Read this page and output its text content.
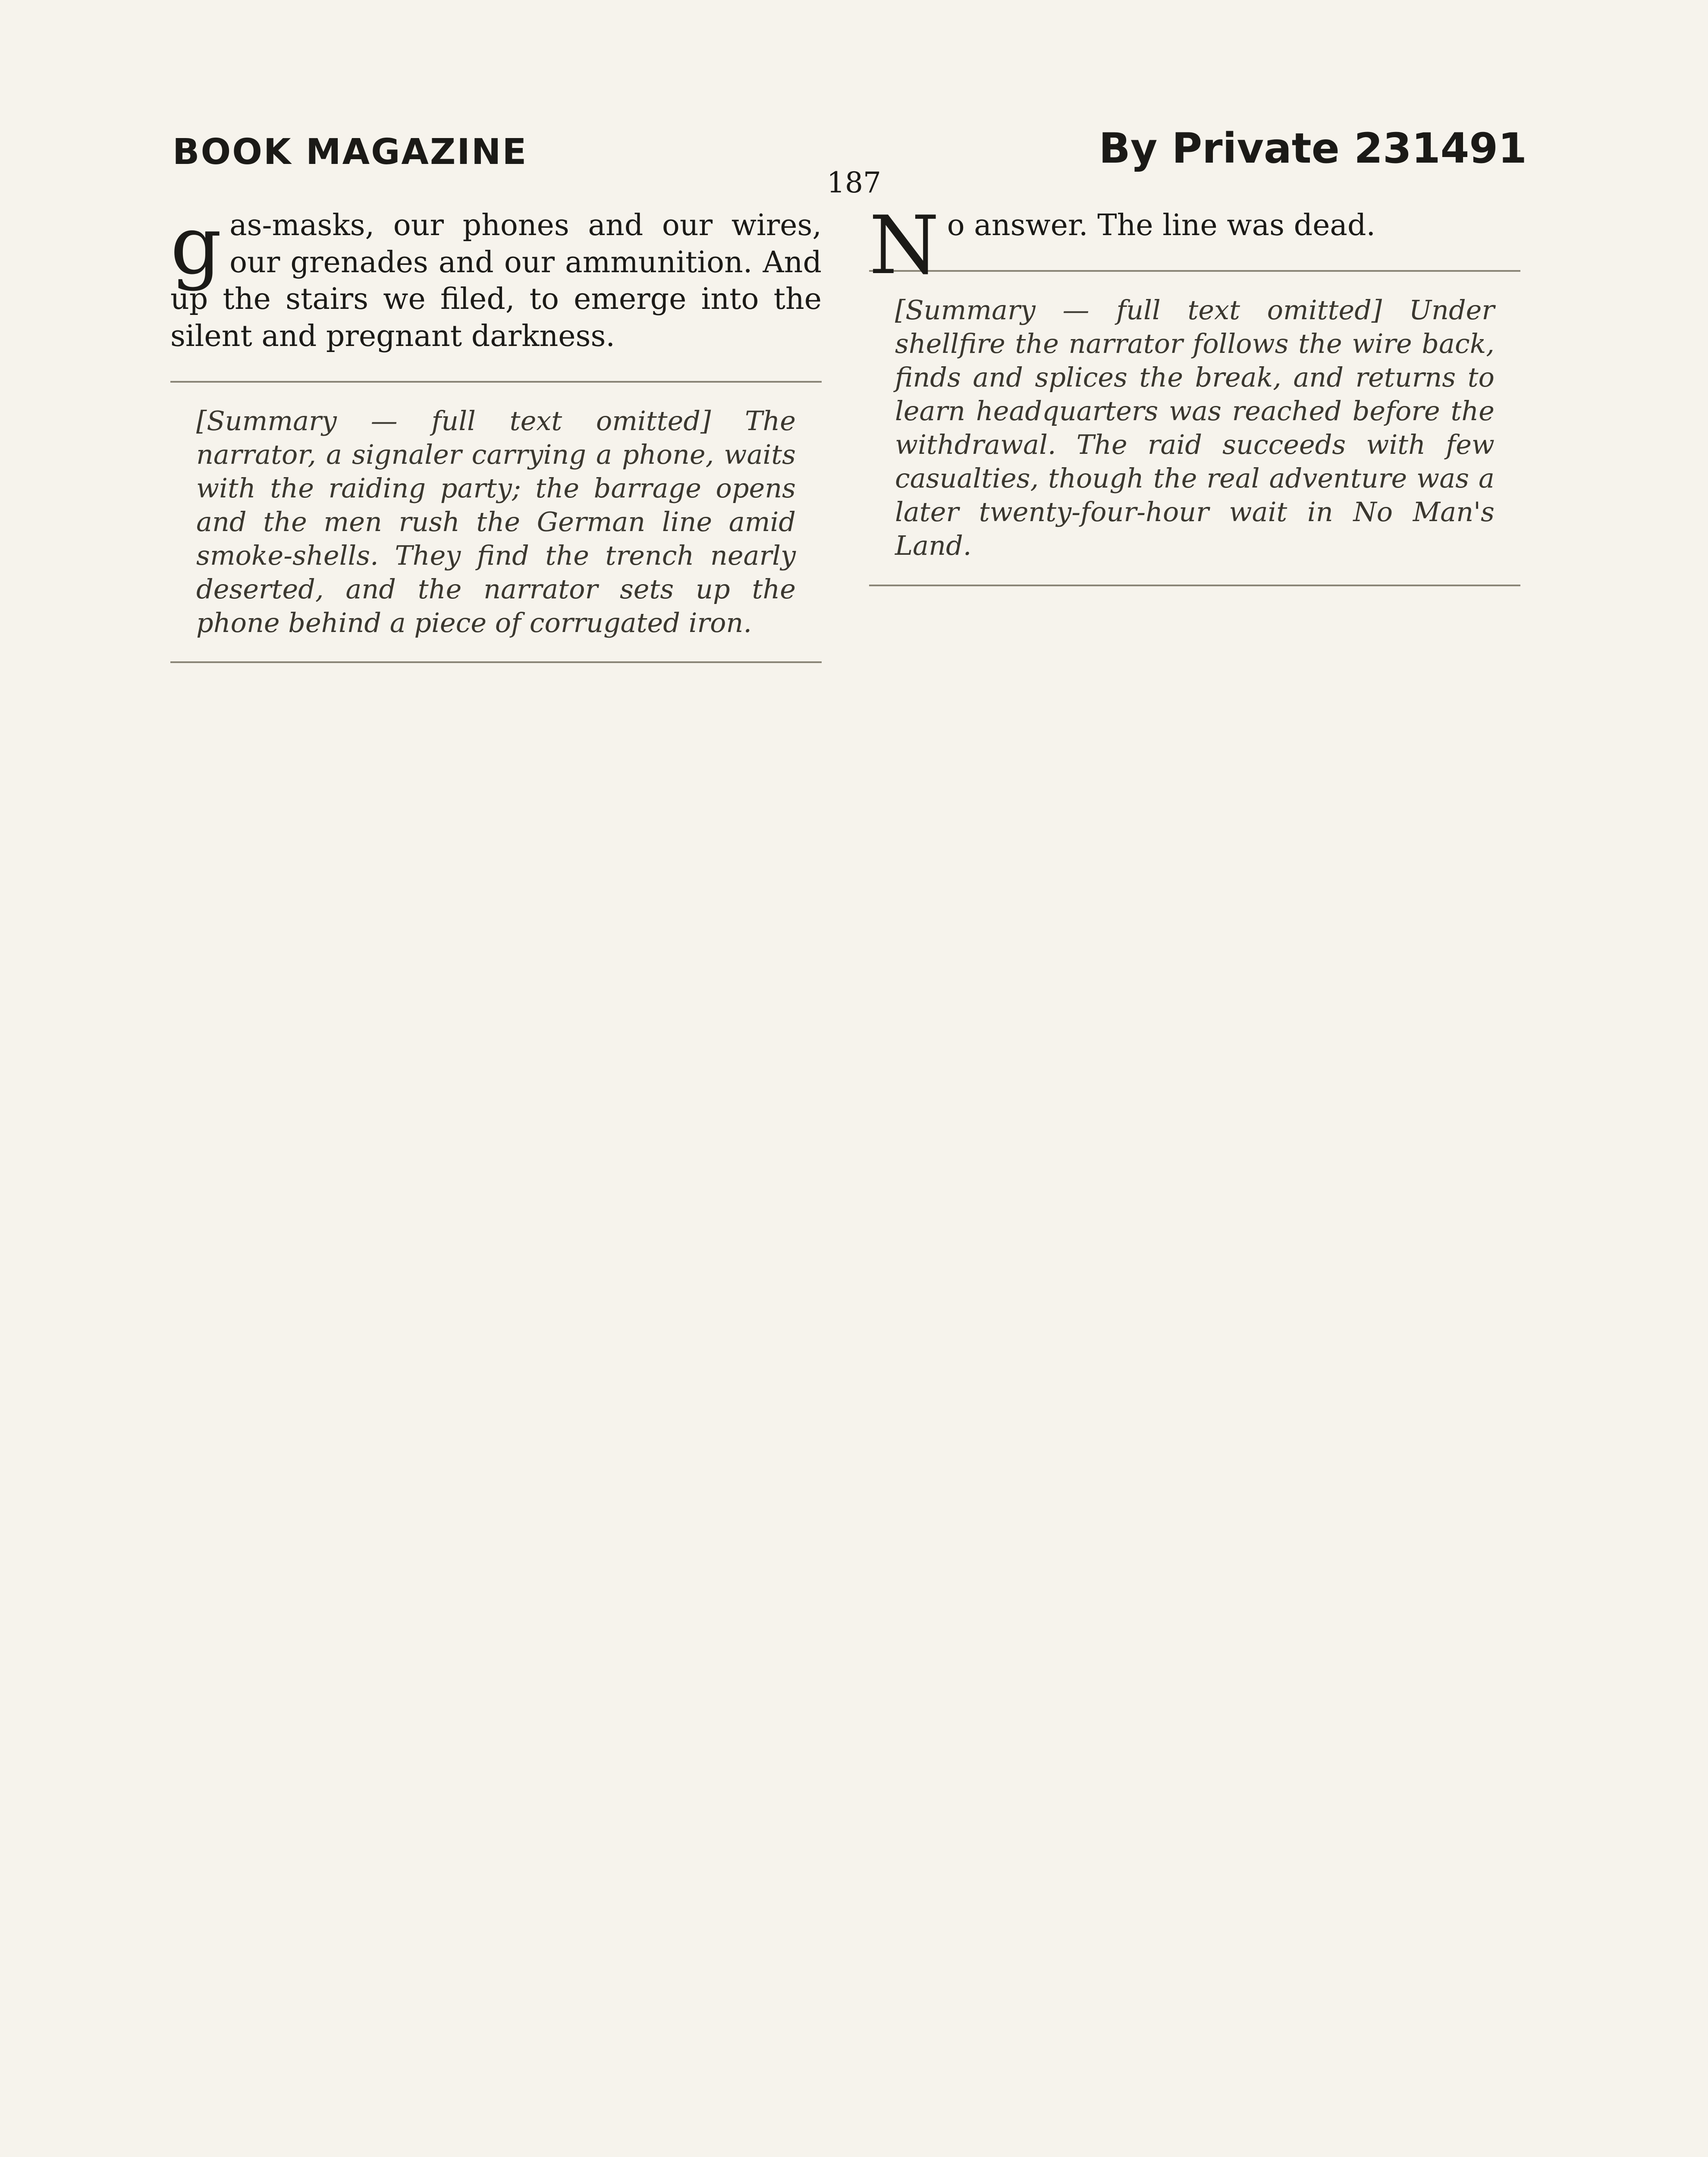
BOOK MAGAZINE	By Private 231491
187

gas-masks, our phones and our wires, our grenades and our ammunition. And up the stairs we filed, to emerge into the silent and pregnant darkness.

[Summary — full text omitted] The narrator, a signaler carrying a phone, waits with the raiding party; the barrage opens and the men rush the German line amid smoke-shells. They find the trench nearly deserted, and the narrator sets up the phone behind a piece of corrugated iron.

No answer. The line was dead.

[Summary — full text omitted] Under shellfire the narrator follows the wire back, finds and splices the break, and returns to learn headquarters was reached before the withdrawal. The raid succeeds with few casualties, though the real adventure was a later twenty-four-hour wait in No Man's Land.
